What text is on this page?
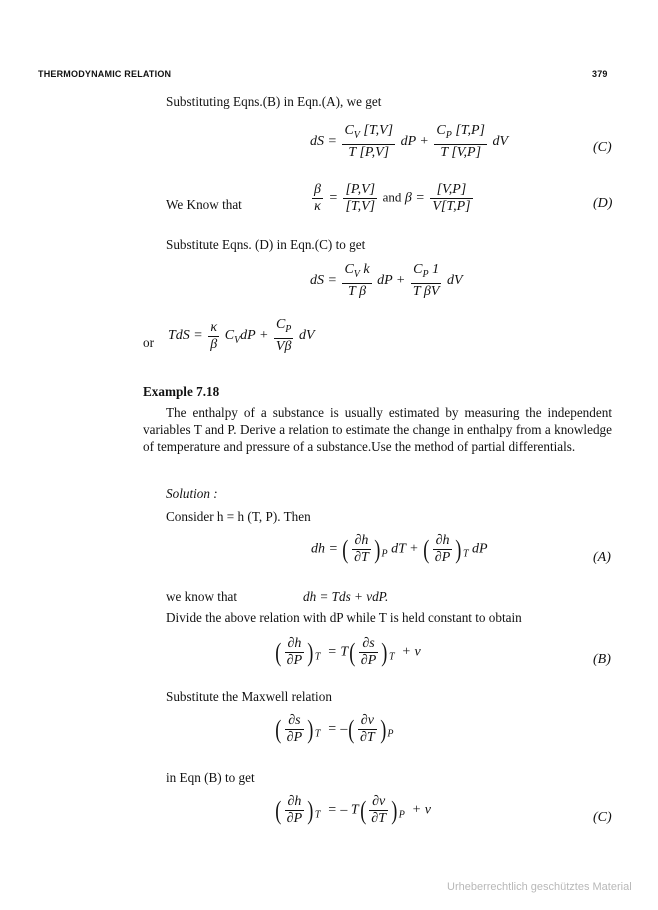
THERMODYNAMIC RELATION	379
Substituting Eqns.(B) in Eqn.(A), we get
dS = $\frac{C_V [T,V]}{T [P,V]}$ dP + $\frac{C_P [T,P]}{T [V,P]}$ dV	(C)
We Know that	$\frac{\beta}{\kappa} = \frac{[P,V]}{[T,V]}$ and $\beta = \frac{[V,P]}{V[T,P]}$	(D)
Substitute Eqns. (D) in Eqn.(C) to get
dS = $\frac{C_V k}{\text{T β}}$ dP + $\frac{C_P 1}{\text{T βV}}$ dV
or TdS = $\frac{\kappa}{\beta} C_VdP + \frac{C_P}{V\beta}$ dV
Example 7.18
The enthalpy of a substance is usually estimated by measuring the independent variables T and P. Derive a relation to estimate the change in enthalpy from a knowledge of temperature and pressure of a substance.Use the method of partial differentials.
Solution :
Consider h = h (T, P). Then
dh = ( $\frac{\partial h}{\partial T} )_P$ dT + ( $\frac{\partial h}{\partial P} )_T$ dP
(A)
we know that	dh = Tds + vdP.
Divide the above relation with dP while T is held constant to obtain
( $\frac{\partial h}{\partial P} )_T = T( \frac{\partial s}{\partial P} )_T + v$	(B)
Substitute the Maxwell relation
( $\frac{\partial s}{\partial P} )_T$  = –( $\frac{\partial v}{\partial T} )_P$
in Eqn (B) to get
( $\frac{\partial h}{\partial P} )_T$  = – $T( \frac{\partial v}{\partial T} )_P + v$	(C)
Urheberrechtlich geschütztes Material
